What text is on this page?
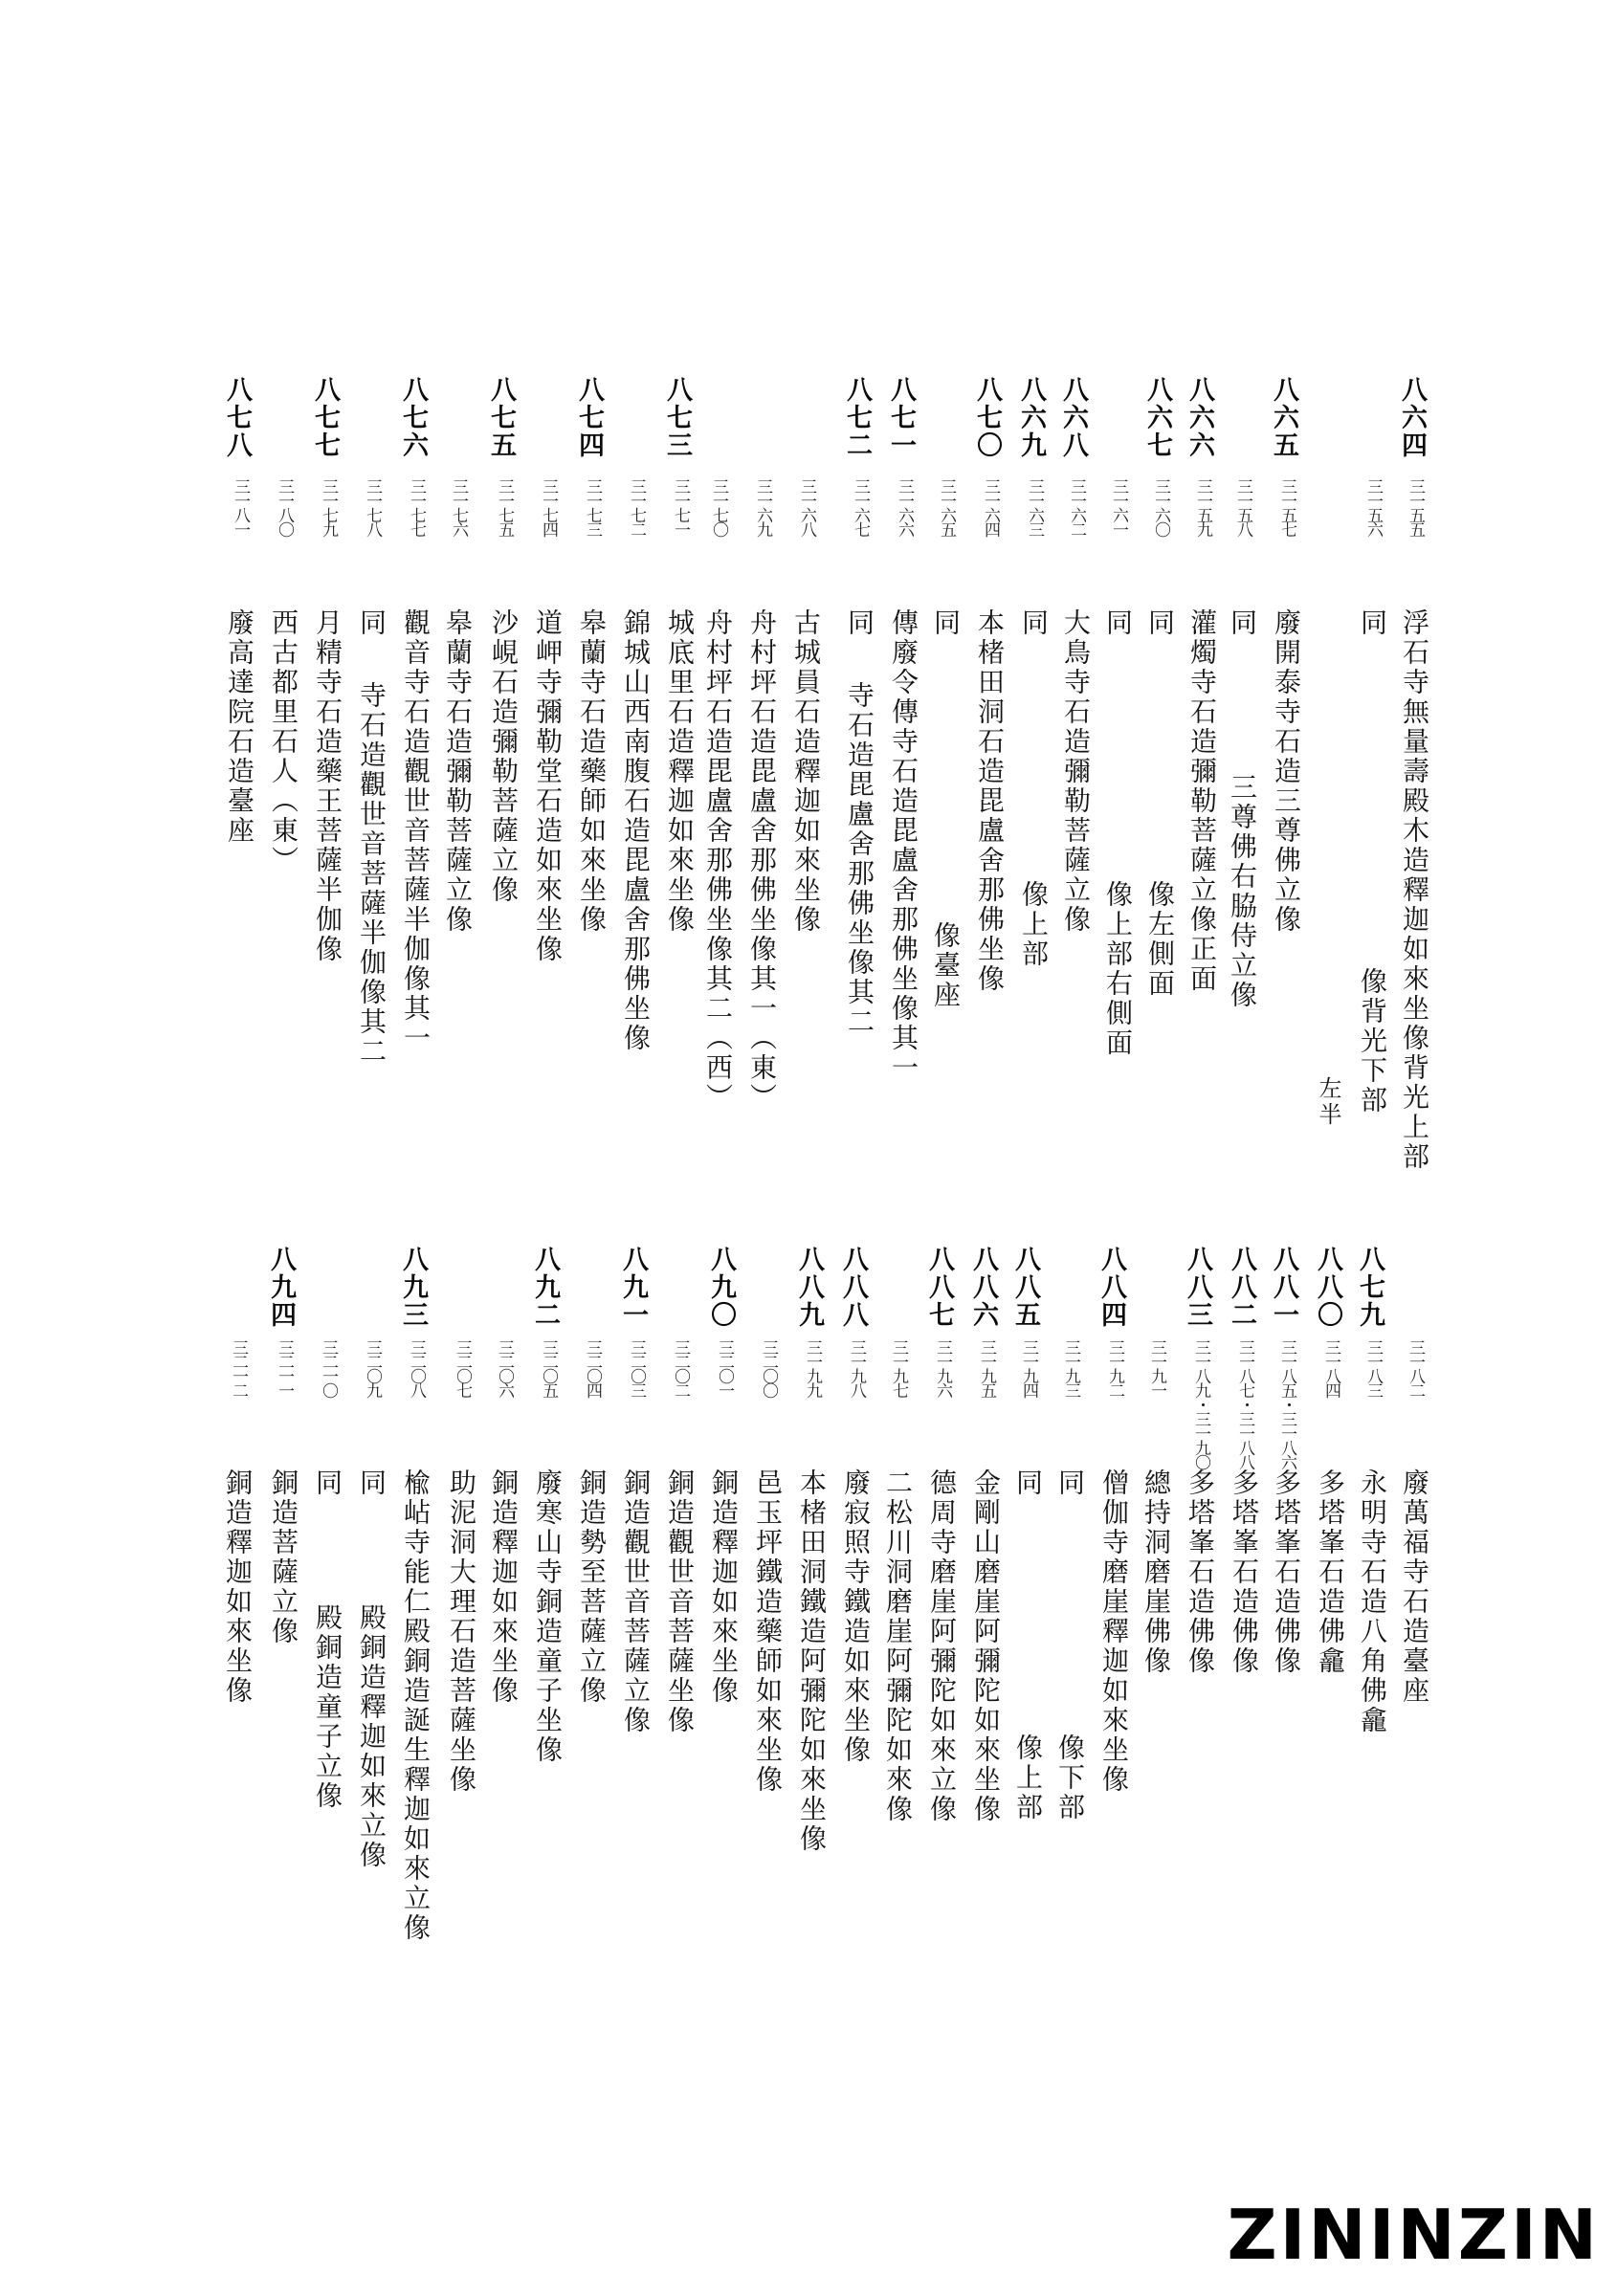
八六四
三一五五
浮石寺無量壽殿木造釋迦如來坐像背光上部
三一五六
同
像背光下部
左半
八六五
三一五七
廢開泰寺石造三尊佛立像
三一五八
同
三尊佛右脇侍立像
八六六
三一五九
灌燭寺石造彌勒菩薩立像正面
八六七
三一六〇
同
像左側面
三一六一
同
像上部右側面
八六八
三一六二
大鳥寺石造彌勒菩薩立像
八六九
三一六三
同
像上部
八七〇
三一六四
本楮田洞石造毘盧舍那佛坐像
三一六五
同
像臺座
八七一
三一六六
傳廢令傳寺石造毘盧舍那佛坐像其一
八七二
三一六七
同
寺石造毘盧舍那佛坐像其二
三一六八
古城員石造釋迦如來坐像
三一六九
舟村坪石造毘盧舍那佛坐像其一（東）
三一七〇
舟村坪石造毘盧舍那佛坐像其二（西）
八七三
三一七一
城底里石造釋迦如來坐像
三一七二
錦城山西南腹石造毘盧舍那佛坐像
八七四
三一七三
皋蘭寺石造藥師如來坐像
三一七四
道岬寺彌勒堂石造如來坐像
八七五
三一七五
沙峴石造彌勒菩薩立像
三一七六
皋蘭寺石造彌勒菩薩立像
八七六
三一七七
觀音寺石造觀世音菩薩半伽像其一
三一七八
同
寺石造觀世音菩薩半伽像其二
八七七
三一七九
月精寺石造藥王菩薩半伽像
三一八〇
西古都里石人（東）
八七八
三一八一
廢高達院石造臺座
三一八二
廢萬福寺石造臺座
八七九
三一八三
永明寺石造八角佛龕
八八〇
三一八四
多塔峯石造佛龕
八八一
三一八五・三一八六
多塔峯石造佛像
八八二
三一八七・三一八八
多塔峯石造佛像
八八三
三一八九・三一九〇
多塔峯石造佛像
三一九一
總持洞磨崖佛像
八八四
三一九二
僧伽寺磨崖釋迦如來坐像
三一九三
同
像下部
八八五
三一九四
同
像上部
八八六
三一九五
金剛山磨崖阿彌陀如來坐像
八八七
三一九六
德周寺磨崖阿彌陀如來立像
三一九七
二松川洞磨崖阿彌陀如來像
八八八
三一九八
廢寂照寺鐵造如來坐像
八八九
三一九九
本楮田洞鐵造阿彌陀如來坐像
三二〇〇
邑玉坪鐵造藥師如來坐像
八九〇
三二〇一
銅造釋迦如來坐像
三二〇二
銅造觀世音菩薩坐像
八九一
三二〇三
銅造觀世音菩薩立像
三二〇四
銅造勢至菩薩立像
八九二
三二〇五
廢寒山寺銅造童子坐像
三二〇六
銅造釋迦如來坐像
三二〇七
助泥洞大理石造菩薩坐像
八九三
三二〇八
楡岾寺能仁殿銅造誕生釋迦如來立像
三二〇九
同
殿銅造釋迦如來立像
三二一〇
同
殿銅造童子立像
八九四
三二一一
銅造菩薩立像
三二一二
銅造釋迦如來坐像
ZININZIN
